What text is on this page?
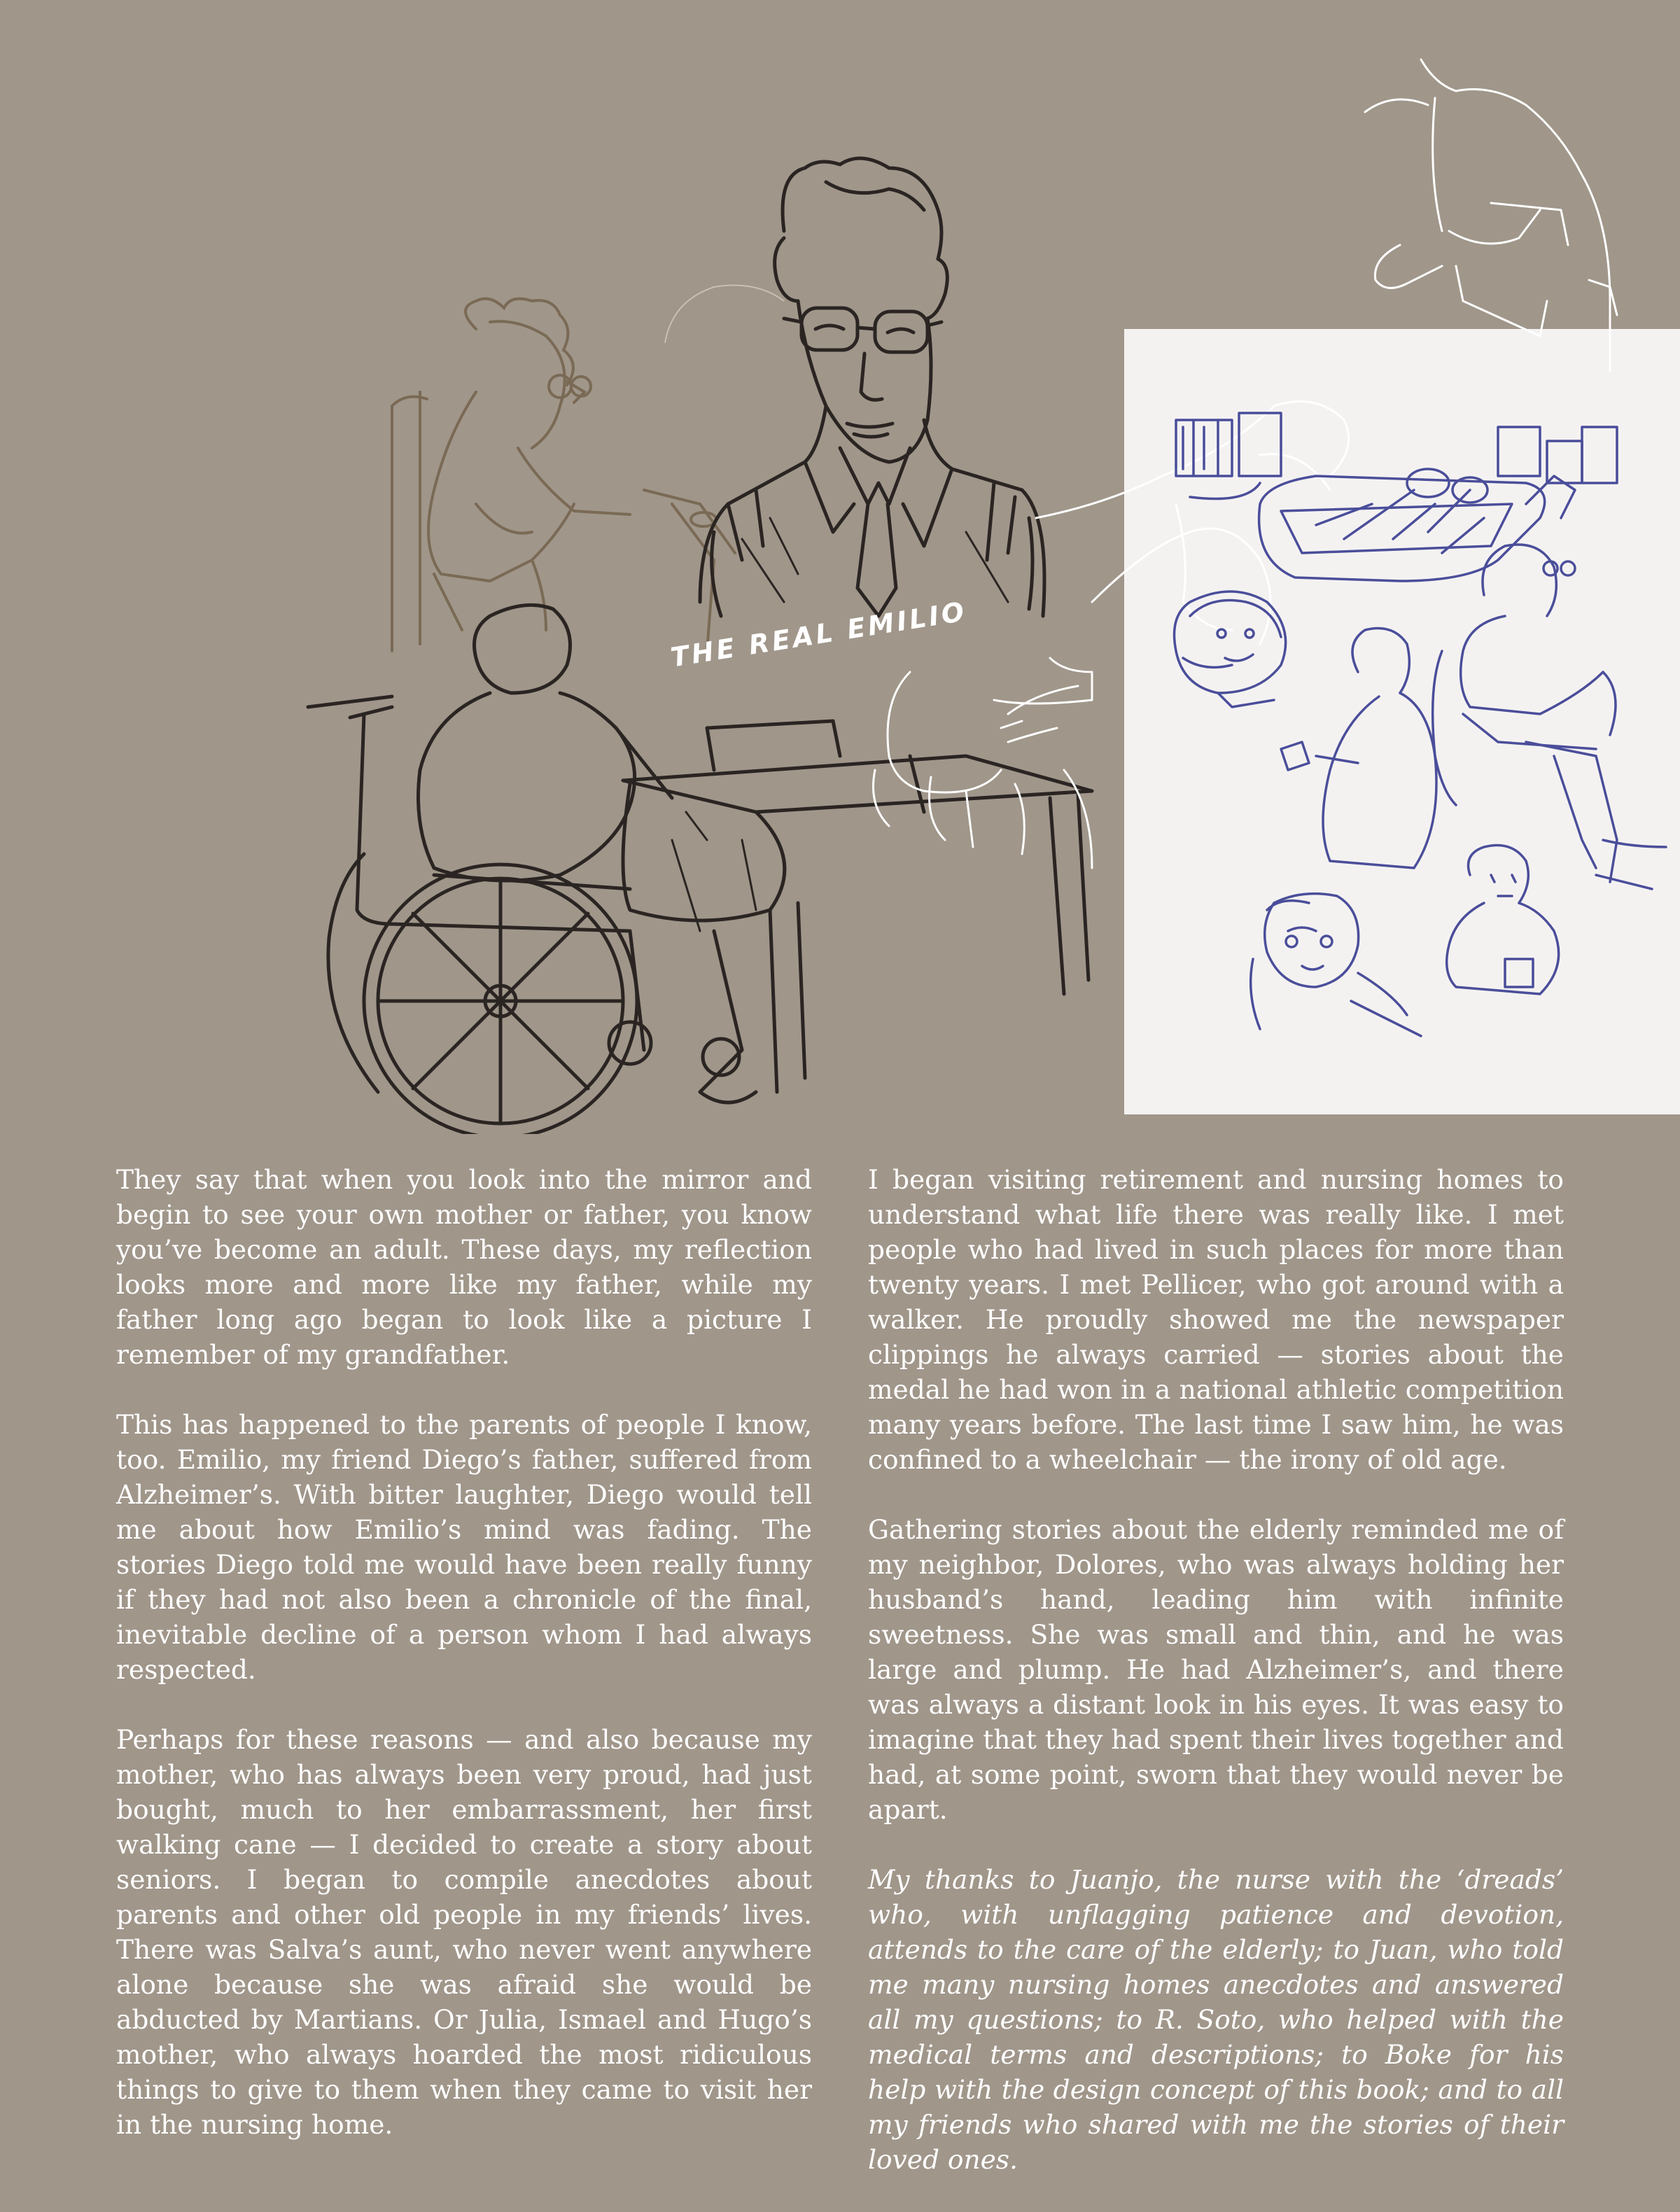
THE REAL EMILIO

They say that when you look into the mirror and begin to see your own mother or father, you know you’ve become an adult. These days, my reflection looks more and more like my father, while my father long ago began to look like a picture I remember of my grandfather.

This has happened to the parents of people I know, too. Emilio, my friend Diego’s father, suffered from Alzheimer’s. With bitter laughter, Diego would tell me about how Emilio’s mind was fading. The stories Diego told me would have been really funny if they had not also been a chronicle of the final, inevitable decline of a person whom I had always respected.

Perhaps for these reasons — and also because my mother, who has always been very proud, had just bought, much to her embarrassment, her first walking cane — I decided to create a story about seniors. I began to compile anecdotes about parents and other old people in my friends’ lives. There was Salva’s aunt, who never went anywhere alone because she was afraid she would be abducted by Martians. Or Julia, Ismael and Hugo’s mother, who always hoarded the most ridiculous things to give to them when they came to visit her in the nursing home.

I began visiting retirement and nursing homes to understand what life there was really like. I met people who had lived in such places for more than twenty years. I met Pellicer, who got around with a walker. He proudly showed me the newspaper clippings he always carried — stories about the medal he had won in a national athletic competition many years before. The last time I saw him, he was confined to a wheelchair — the irony of old age.

Gathering stories about the elderly reminded me of my neighbor, Dolores, who was always holding her husband’s hand, leading him with infinite sweetness. She was small and thin, and he was large and plump. He had Alzheimer’s, and there was always a distant look in his eyes. It was easy to imagine that they had spent their lives together and had, at some point, sworn that they would never be apart.

My thanks to Juanjo, the nurse with the ‘dreads’ who, with unflagging patience and devotion, attends to the care of the elderly; to Juan, who told me many nursing homes anecdotes and answered all my questions; to R. Soto, who helped with the medical terms and descriptions; to Boke for his help with the design concept of this book; and to all my friends who shared with me the stories of their loved ones.
